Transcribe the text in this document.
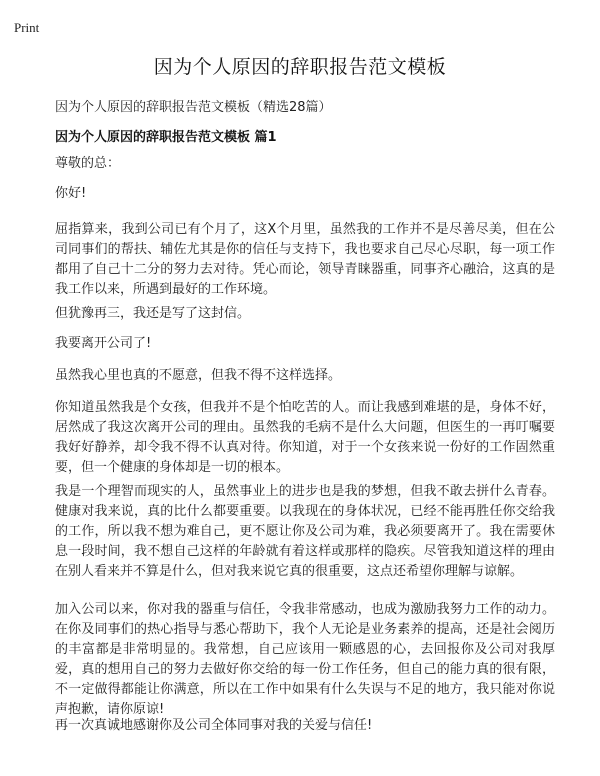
Print
因为个人原因的辞职报告范文模板
因为个人原因的辞职报告范文模板（精选28篇）
因为个人原因的辞职报告范文模板 篇1

尊敬的总：

你好!

屈指算来，我到公司已有个月了，这X个月里，虽然我的工作并不是尽善尽美，但在公司同事们的帮扶、辅佐尤其是你的信任与支持下，我也要求自己尽心尽职，每一项工作都用了自己十二分的努力去对待。凭心而论，领导青睐器重，同事齐心融洽，这真的是我工作以来，所遇到最好的工作环境。

但犹豫再三，我还是写了这封信。

我要离开公司了!

虽然我心里也真的不愿意，但我不得不这样选择。

你知道虽然我是个女孩，但我并不是个怕吃苦的人。而让我感到难堪的是，身体不好，居然成了我这次离开公司的理由。虽然我的毛病不是什么大问题，但医生的一再叮嘱要我好好静养，却令我不得不认真对待。你知道，对于一个女孩来说一份好的工作固然重要，但一个健康的身体却是一切的根本。

我是一个理智而现实的人，虽然事业上的进步也是我的梦想，但我不敢去拼什么青春。健康对我来说，真的比什么都要重要。以我现在的身体状况，已经不能再胜任你交给我的工作，所以我不想为难自己，更不愿让你及公司为难，我必须要离开了。我在需要休息一段时间，我不想自己这样的年龄就有着这样或那样的隐疾。尽管我知道这样的理由在别人看来并不算是什么，但对我来说它真的很重要，这点还希望你理解与谅解。

加入公司以来，你对我的器重与信任，令我非常感动，也成为激励我努力工作的动力。在你及同事们的热心指导与悉心帮助下，我个人无论是业务素养的提高，还是社会阅历的丰富都是非常明显的。我常想，自己应该用一颗感恩的心，去回报你及公司对我厚爱，真的想用自己的努力去做好你交给的每一份工作任务，但自己的能力真的很有限，不一定做得都能让你满意，所以在工作中如果有什么失误与不足的地方，我只能对你说声抱歉，请你原谅!

再一次真诚地感谢你及公司全体同事对我的关爱与信任!
